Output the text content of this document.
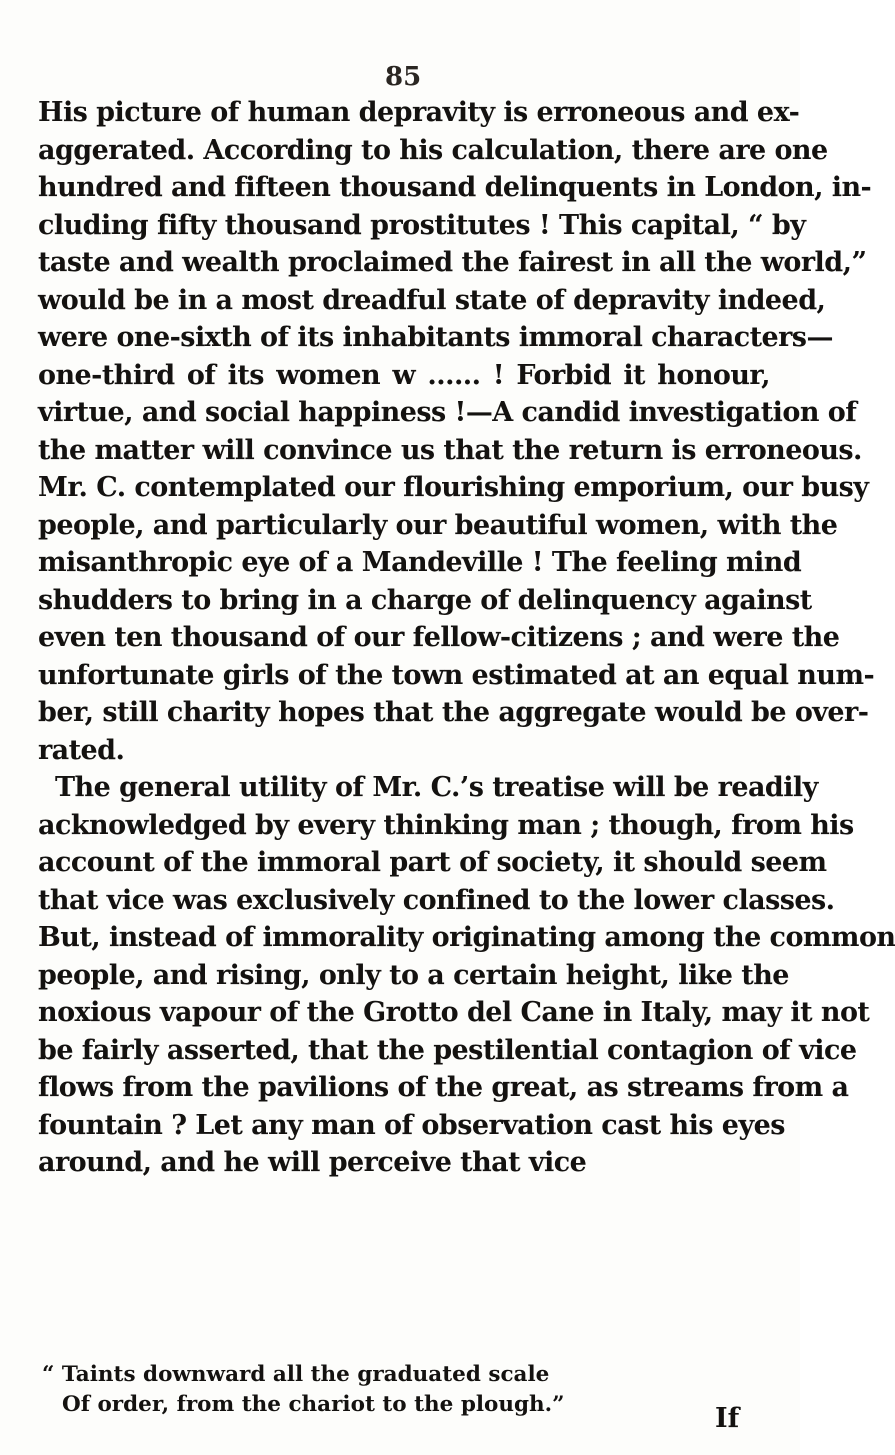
85
His picture of human depravity is erroneous and ex-
aggerated. According to his calculation, there are one
hundred and fifteen thousand delinquents in London, in-
cluding fifty thousand prostitutes ! This capital, “ by
taste and wealth proclaimed the fairest in all the world,”
would be in a most dreadful state of depravity indeed,
were one-sixth of its inhabitants immoral characters—
one-third of its women w ...... ! Forbid it honour,
virtue, and social happiness !—A candid investigation of
the matter will convince us that the return is erroneous.
Mr. C. contemplated our flourishing emporium, our busy
people, and particularly our beautiful women, with the
misanthropic eye of a Mandeville ! The feeling mind
shudders to bring in a charge of delinquency against
even ten thousand of our fellow-citizens ; and were the
unfortunate girls of the town estimated at an equal num-
ber, still charity hopes that the aggregate would be over-
rated.
The general utility of Mr. C.’s treatise will be readily
acknowledged by every thinking man ; though, from his
account of the immoral part of society, it should seem
that vice was exclusively confined to the lower classes.
But, instead of immorality originating among the common
people, and rising, only to a certain height, like the
noxious vapour of the Grotto del Cane in Italy, may it not
be fairly asserted, that the pestilential contagion of vice
flows from the pavilions of the great, as streams from a
fountain ? Let any man of observation cast his eyes
around, and he will perceive that vice
“ Taints downward all the graduated scale
Of order, from the chariot to the plough.”	If
